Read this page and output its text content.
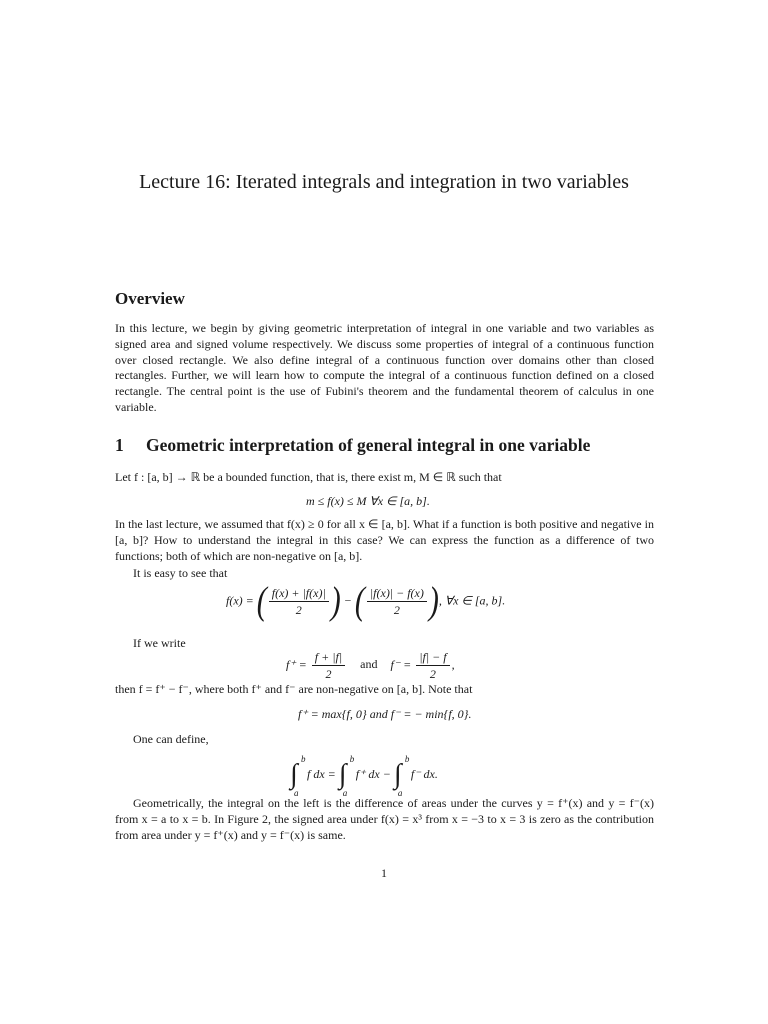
Lecture 16: Iterated integrals and integration in two variables
Overview
In this lecture, we begin by giving geometric interpretation of integral in one variable and two variables as signed area and signed volume respectively. We discuss some properties of integral of a continuous function over closed rectangle. We also define integral of a continuous function over domains other than closed rectangles. Further, we will learn how to compute the integral of a continuous function defined on a closed rectangle. The central point is the use of Fubini's theorem and the fundamental theorem of calculus in one variable.
1 Geometric interpretation of general integral in one variable
Let f : [a, b] → ℝ be a bounded function, that is, there exist m, M ∈ ℝ such that
m ≤ f(x) ≤ M ∀x ∈ [a, b].
In the last lecture, we assumed that f(x) ≥ 0 for all x ∈ [a, b]. What if a function is both positive and negative in [a, b]? How to understand the integral in this case? We can express the function as a difference of two functions; both of which are non-negative on [a, b].
It is easy to see that
f(x) = ( $\frac{f(x) + |f(x)|}{2}$ ) − ( $\frac{|f(x)| - f(x)}{2}$ ), ∀x ∈ [a, b].
If we write
$f^+ = \frac{f + |f|}{2}$ and $f^- = \frac{|f| - f}{2}$ ,
then f = f⁺ − f⁻, where both f⁺ and f⁻ are non-negative on [a, b]. Note that
f⁺ = max{f, 0} and f⁻ = − min{f, 0}.
One can define,
∫ b
a
f dx = ∫ b
a
f⁺ dx − ∫ b
a
f⁻ dx.
Geometrically, the integral on the left is the difference of areas under the curves y = f⁺(x) and y = f⁻(x) from x = a to x = b. In Figure 2, the signed area under f(x) = x³ from x = −3 to x = 3 is zero as the contribution from area under y = f⁺(x) and y = f⁻(x) is same.
1
